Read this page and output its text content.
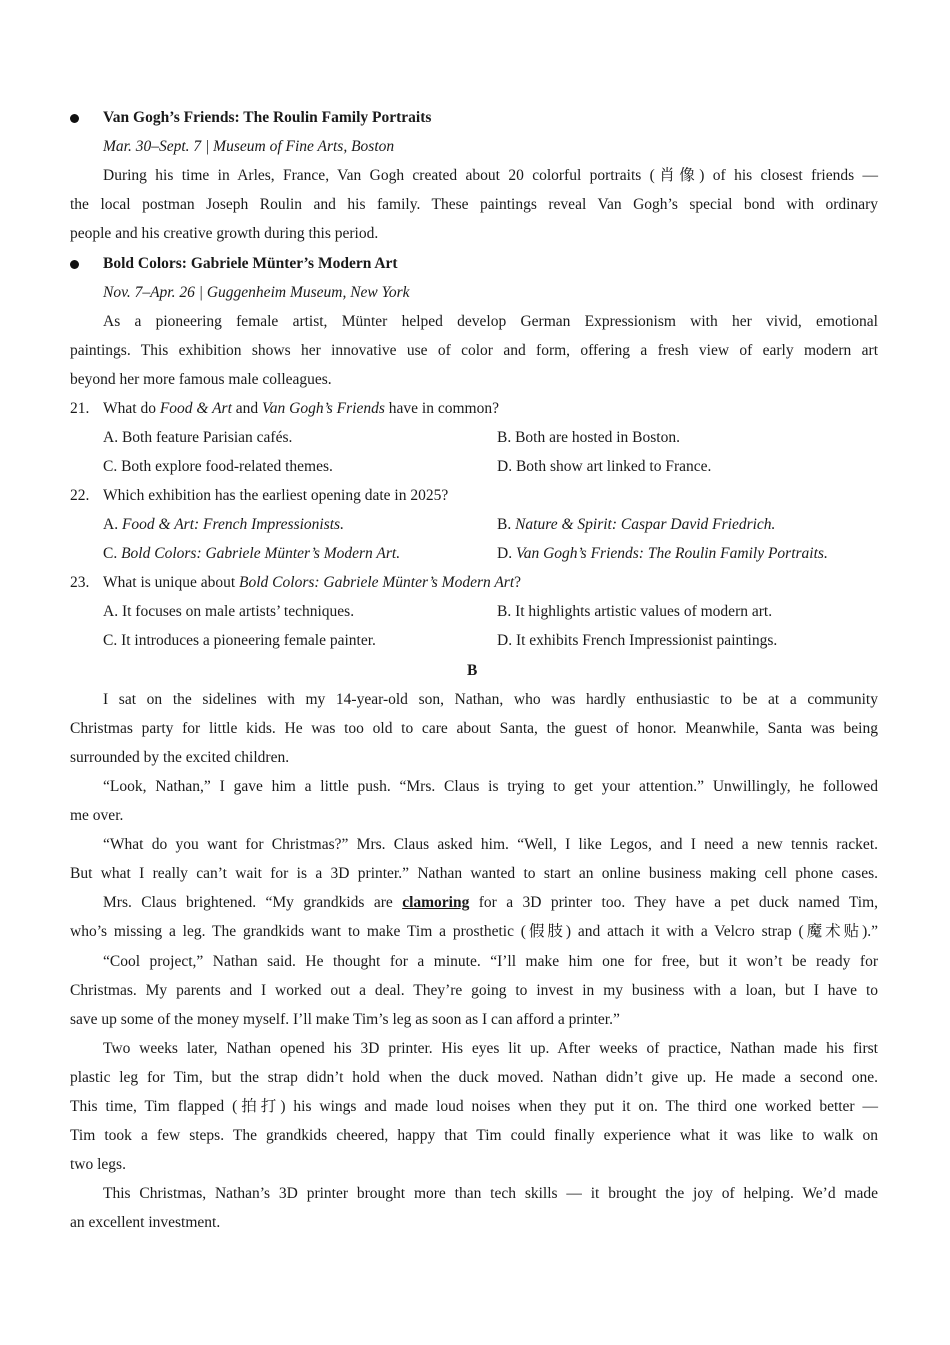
Van Gogh’s Friends: The Roulin Family Portraits
Mar. 30–Sept. 7 | Museum of Fine Arts, Boston
During his time in Arles, France, Van Gogh created about 20 colorful portraits (肖像) of his closest friends —
the local postman Joseph Roulin and his family. These paintings reveal Van Gogh’s special bond with ordinary
people and his creative growth during this period.
Bold Colors: Gabriele Münter’s Modern Art
Nov. 7–Apr. 26 | Guggenheim Museum, New York
As a pioneering female artist, Münter helped develop German Expressionism with her vivid, emotional
paintings. This exhibition shows her innovative use of color and form, offering a fresh view of early modern art
beyond her more famous male colleagues.
21. What do Food & Art and Van Gogh’s Friends have in common?
A. Both feature Parisian cafés.	B. Both are hosted in Boston.
C. Both explore food-related themes.	D. Both show art linked to France.
22. Which exhibition has the earliest opening date in 2025?
A. Food & Art: French Impressionists.	B. Nature & Spirit: Caspar David Friedrich.
C. Bold Colors: Gabriele Münter’s Modern Art.	D. Van Gogh’s Friends: The Roulin Family Portraits.
23. What is unique about Bold Colors: Gabriele Münter’s Modern Art?
A. It focuses on male artists’ techniques.	B. It highlights artistic values of modern art.
C. It introduces a pioneering female painter.	D. It exhibits French Impressionist paintings.
B
I sat on the sidelines with my 14-year-old son, Nathan, who was hardly enthusiastic to be at a community
Christmas party for little kids. He was too old to care about Santa, the guest of honor. Meanwhile, Santa was being
surrounded by the excited children.
“Look, Nathan,” I gave him a little push. “Mrs. Claus is trying to get your attention.” Unwillingly, he followed
me over.
“What do you want for Christmas?” Mrs. Claus asked him. “Well, I like Legos, and I need a new tennis racket.
But what I really can’t wait for is a 3D printer.” Nathan wanted to start an online business making cell phone cases.
Mrs. Claus brightened. “My grandkids are clamoring for a 3D printer too. They have a pet duck named Tim,
who’s missing a leg. The grandkids want to make Tim a prosthetic (假肢) and attach it with a Velcro strap (魔术贴).”
“Cool project,” Nathan said. He thought for a minute. “I’ll make him one for free, but it won’t be ready for
Christmas. My parents and I worked out a deal. They’re going to invest in my business with a loan, but I have to
save up some of the money myself. I’ll make Tim’s leg as soon as I can afford a printer.”
Two weeks later, Nathan opened his 3D printer. His eyes lit up. After weeks of practice, Nathan made his first
plastic leg for Tim, but the strap didn’t hold when the duck moved. Nathan didn’t give up. He made a second one.
This time, Tim flapped (拍打) his wings and made loud noises when they put it on. The third one worked better —
Tim took a few steps. The grandkids cheered, happy that Tim could finally experience what it was like to walk on
two legs.
This Christmas, Nathan’s 3D printer brought more than tech skills — it brought the joy of helping. We’d made
an excellent investment.
